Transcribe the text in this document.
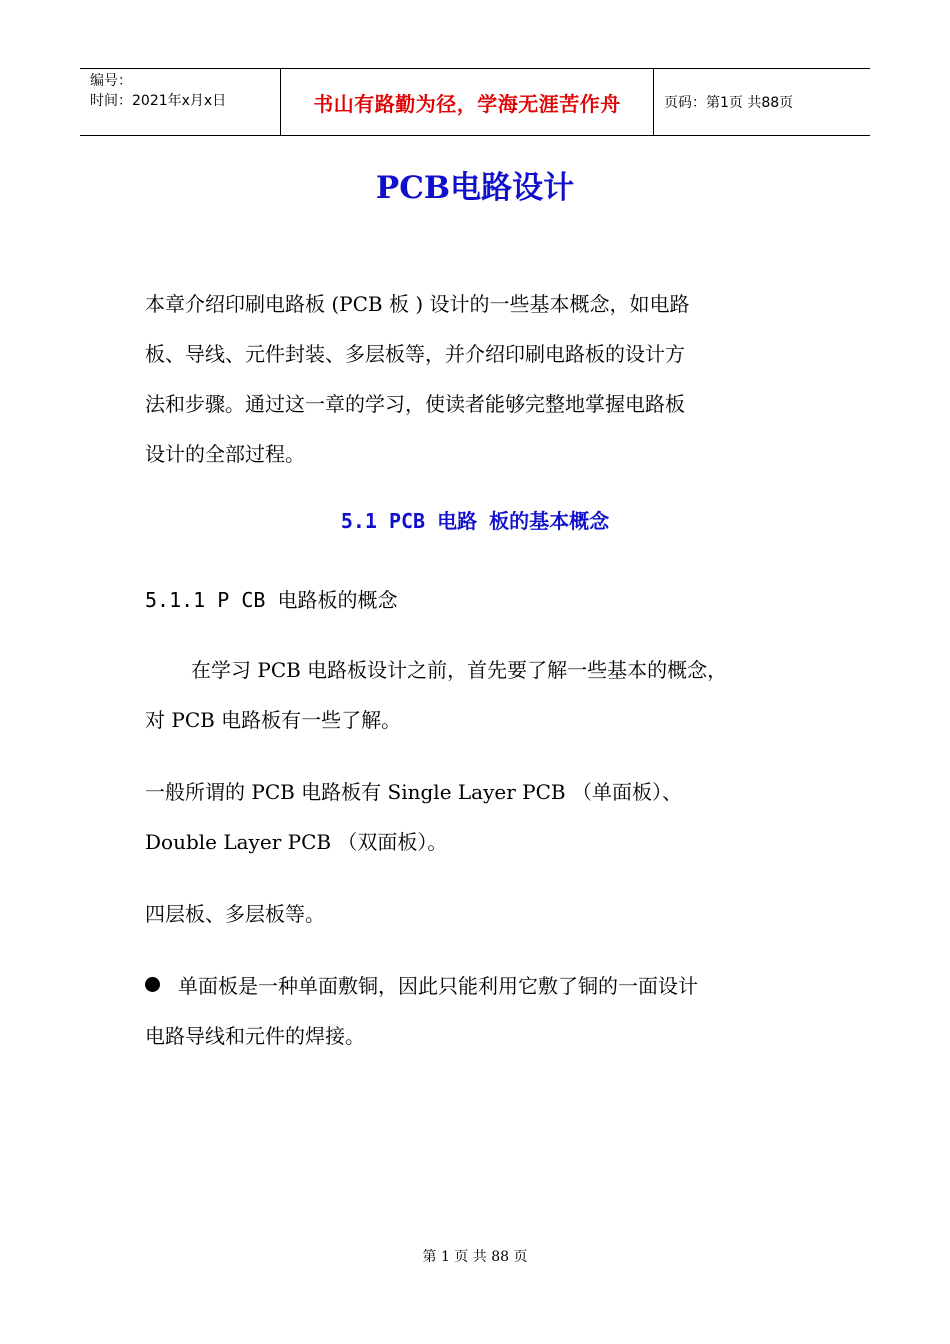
编号：
时间：2021年x月x日	书山有路勤为径，学海无涯苦作舟	页码：第1页 共88页
PCB电路设计
本章介绍印刷电路板 (PCB 板 ) 设计的一些基本概念，如电路
板、导线、元件封装、多层板等，并介绍印刷电路板的设计方
法和步骤。通过这一章的学习，使读者能够完整地掌握电路板
设计的全部过程。
5.1 PCB 电路 板的基本概念
5.1.1 P CB 电路板的概念
在学习 PCB 电路板设计之前，首先要了解一些基本的概念，
对 PCB 电路板有一些了解。
一般所谓的 PCB 电路板有 Single Layer PCB （单面板）、
Double Layer PCB （双面板）。
四层板、多层板等。
单面板是一种单面敷铜，因此只能利用它敷了铜的一面设计
电路导线和元件的焊接。
第 1 页 共 88 页
